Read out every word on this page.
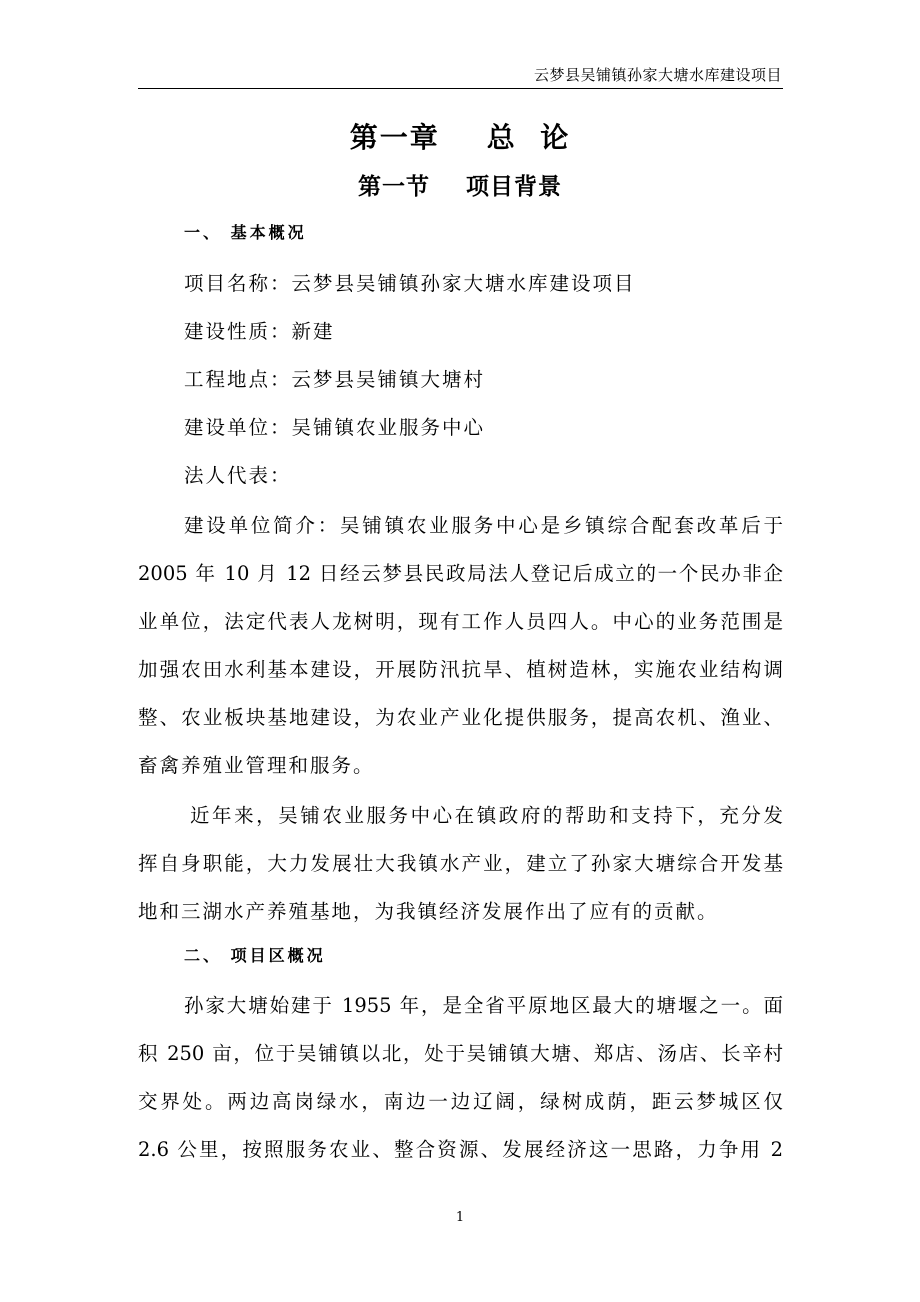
云梦县吴铺镇孙家大塘水库建设项目
第一章    总  论
第一节    项目背景
一、 基本概况
项目名称：云梦县吴铺镇孙家大塘水库建设项目
建设性质：新建
工程地点：云梦县吴铺镇大塘村
建设单位：吴铺镇农业服务中心
法人代表：
建设单位简介：吴铺镇农业服务中心是乡镇综合配套改革后于
2005 年 10 月 12 日经云梦县民政局法人登记后成立的一个民办非企
业单位，法定代表人龙树明，现有工作人员四人。中心的业务范围是
加强农田水利基本建设，开展防汛抗旱、植树造林，实施农业结构调
整、农业板块基地建设，为农业产业化提供服务，提高农机、渔业、
畜禽养殖业管理和服务。
近年来，吴铺农业服务中心在镇政府的帮助和支持下，充分发
挥自身职能，大力发展壮大我镇水产业，建立了孙家大塘综合开发基
地和三湖水产养殖基地，为我镇经济发展作出了应有的贡献。
二、 项目区概况
孙家大塘始建于 1955 年，是全省平原地区最大的塘堰之一。面
积 250 亩，位于吴铺镇以北，处于吴铺镇大塘、郑店、汤店、长辛村
交界处。两边高岗绿水，南边一边辽阔，绿树成荫，距云梦城区仅
2.6 公里，按照服务农业、整合资源、发展经济这一思路，力争用 2
1
